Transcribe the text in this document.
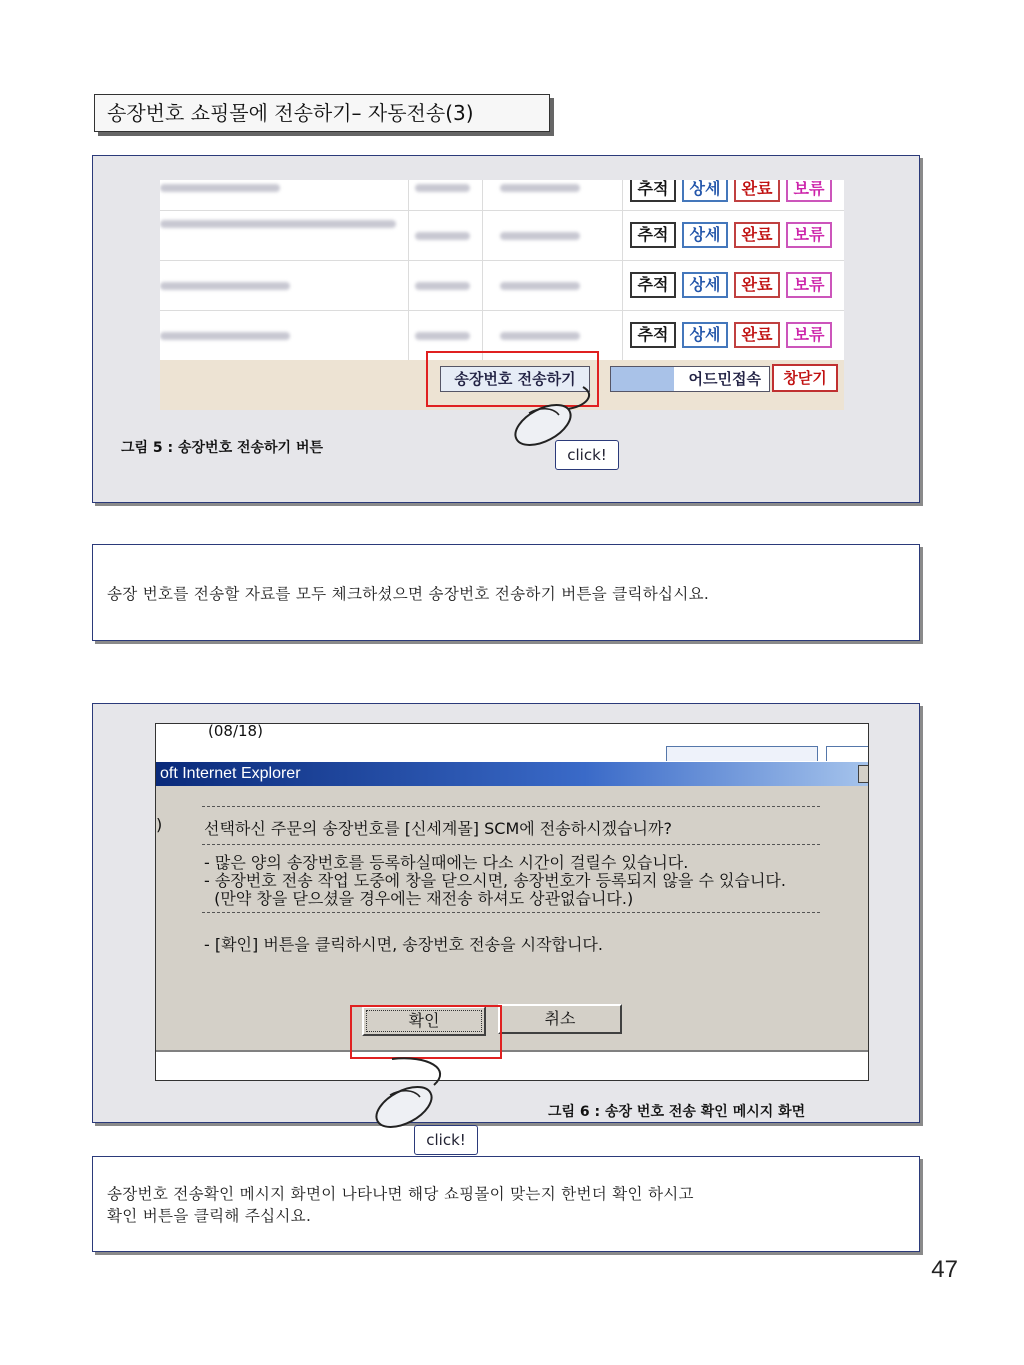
송장번호 쇼핑몰에 전송하기– 자동전송(3)
추적	상세	완료	보류
추적	상세	완료	보류
추적	상세	완료	보류
추적	상세	완료	보류
송장번호 전송하기	어드민접속	창닫기
click!
그림 5 : 송장번호 전송하기 버튼
송장 번호를 전송할 자료를 모두 체크하셨으면 송장번호 전송하기 버튼을 클릭하십시요.
(08/18)
oft Internet Explorer
)	선택하신 주문의 송장번호를 [신세계몰] SCM에 전송하시겠습니까?
- 많은 양의 송장번호를 등록하실때에는 다소 시간이 걸릴수 있습니다.
- 송장번호 전송 작업 도중에 창을 닫으시면, 송장번호가 등록되지 않을 수 있습니다.
(만약 창을 닫으셨을 경우에는 재전송 하셔도 상관없습니다.)
- [확인] 버튼을 클릭하시면, 송장번호 전송을 시작합니다.
확인	취소
click!
그림 6 : 송장 번호 전송 확인 메시지 화면
송장번호 전송확인 메시지 화면이 나타나면 해당 쇼핑몰이 맞는지 한번더 확인 하시고
확인 버튼을 클릭해 주십시요.
47
